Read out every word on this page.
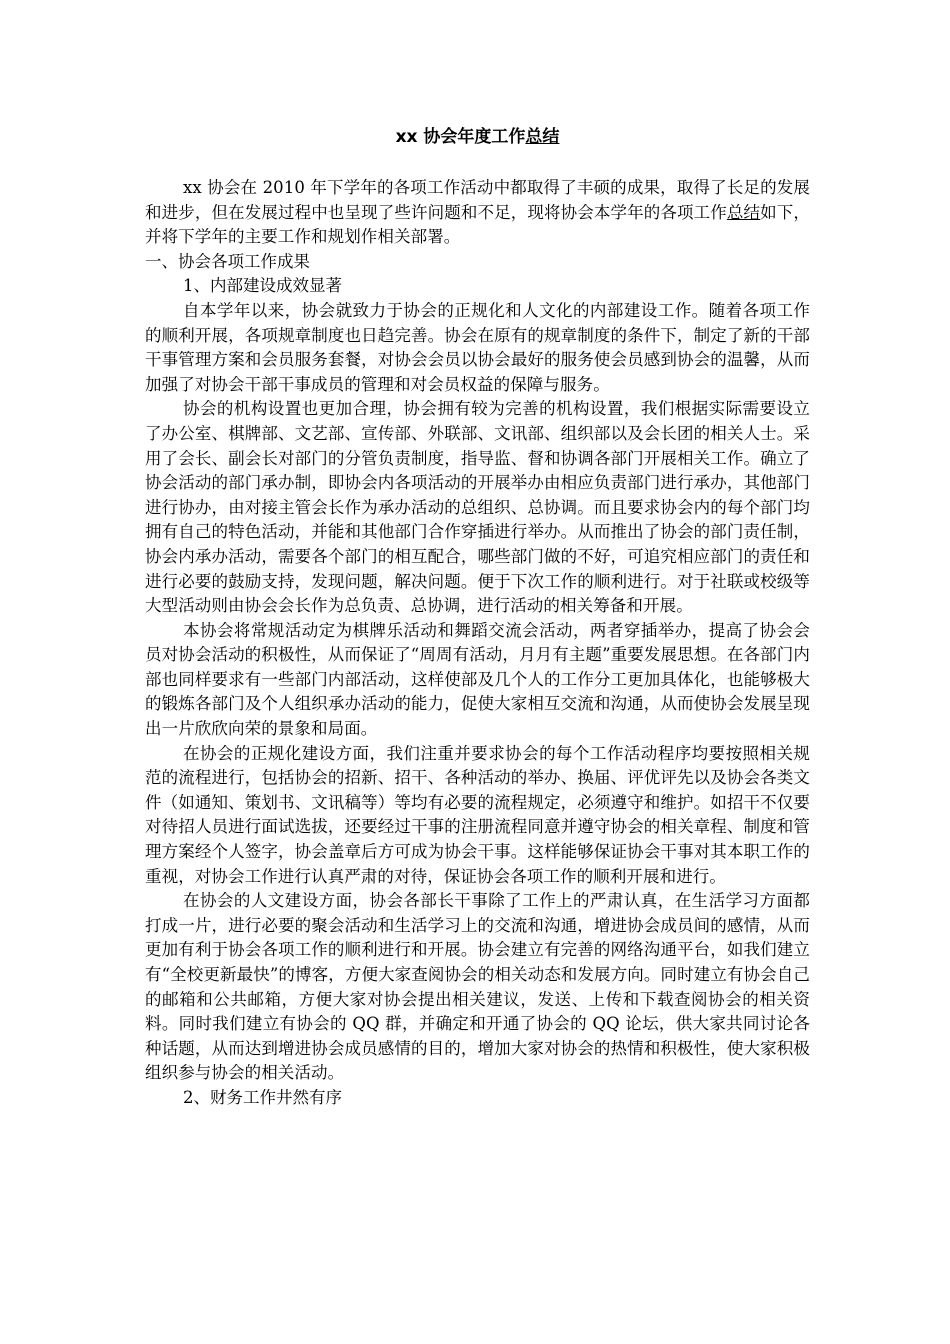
xx 协会年度工作总结

xx 协会在 2010 年下学年的各项工作活动中都取得了丰硕的成果，取得了长足的发展和进步，但在发展过程中也呈现了些许问题和不足，现将协会本学年的各项工作总结如下，并将下学年的主要工作和规划作相关部署。

一、协会各项工作成果

1、内部建设成效显著

自本学年以来，协会就致力于协会的正规化和人文化的内部建设工作。随着各项工作的顺利开展，各项规章制度也日趋完善。协会在原有的规章制度的条件下，制定了新的干部干事管理方案和会员服务套餐，对协会会员以协会最好的服务使会员感到协会的温馨，从而加强了对协会干部干事成员的管理和对会员权益的保障与服务。

协会的机构设置也更加合理，协会拥有较为完善的机构设置，我们根据实际需要设立了办公室、棋牌部、文艺部、宣传部、外联部、文讯部、组织部以及会长团的相关人士。采用了会长、副会长对部门的分管负责制度，指导监、督和协调各部门开展相关工作。确立了协会活动的部门承办制，即协会内各项活动的开展举办由相应负责部门进行承办，其他部门进行协办，由对接主管会长作为承办活动的总组织、总协调。而且要求协会内的每个部门均拥有自己的特色活动，并能和其他部门合作穿插进行举办。从而推出了协会的部门责任制，协会内承办活动，需要各个部门的相互配合，哪些部门做的不好，可追究相应部门的责任和进行必要的鼓励支持，发现问题，解决问题。便于下次工作的顺利进行。对于社联或校级等大型活动则由协会会长作为总负责、总协调，进行活动的相关筹备和开展。

本协会将常规活动定为棋牌乐活动和舞蹈交流会活动，两者穿插举办，提高了协会会员对协会活动的积极性，从而保证了“周周有活动，月月有主题”重要发展思想。在各部门内部也同样要求有一些部门内部活动，这样使部及几个人的工作分工更加具体化，也能够极大的锻炼各部门及个人组织承办活动的能力，促使大家相互交流和沟通，从而使协会发展呈现出一片欣欣向荣的景象和局面。

在协会的正规化建设方面，我们注重并要求协会的每个工作活动程序均要按照相关规范的流程进行，包括协会的招新、招干、各种活动的举办、换届、评优评先以及协会各类文件（如通知、策划书、文讯稿等）等均有必要的流程规定，必须遵守和维护。如招干不仅要对待招人员进行面试选拔，还要经过干事的注册流程同意并遵守协会的相关章程、制度和管理方案经个人签字，协会盖章后方可成为协会干事。这样能够保证协会干事对其本职工作的重视，对协会工作进行认真严肃的对待，保证协会各项工作的顺利开展和进行。

在协会的人文建设方面，协会各部长干事除了工作上的严肃认真，在生活学习方面都打成一片，进行必要的聚会活动和生活学习上的交流和沟通，增进协会成员间的感情，从而更加有利于协会各项工作的顺利进行和开展。协会建立有完善的网络沟通平台，如我们建立有“全校更新最快”的博客，方便大家查阅协会的相关动态和发展方向。同时建立有协会自己的邮箱和公共邮箱，方便大家对协会提出相关建议，发送、上传和下载查阅协会的相关资料。同时我们建立有协会的 QQ 群，并确定和开通了协会的 QQ 论坛，供大家共同讨论各种话题，从而达到增进协会成员感情的目的，增加大家对协会的热情和积极性，使大家积极组织参与协会的相关活动。

2、财务工作井然有序
